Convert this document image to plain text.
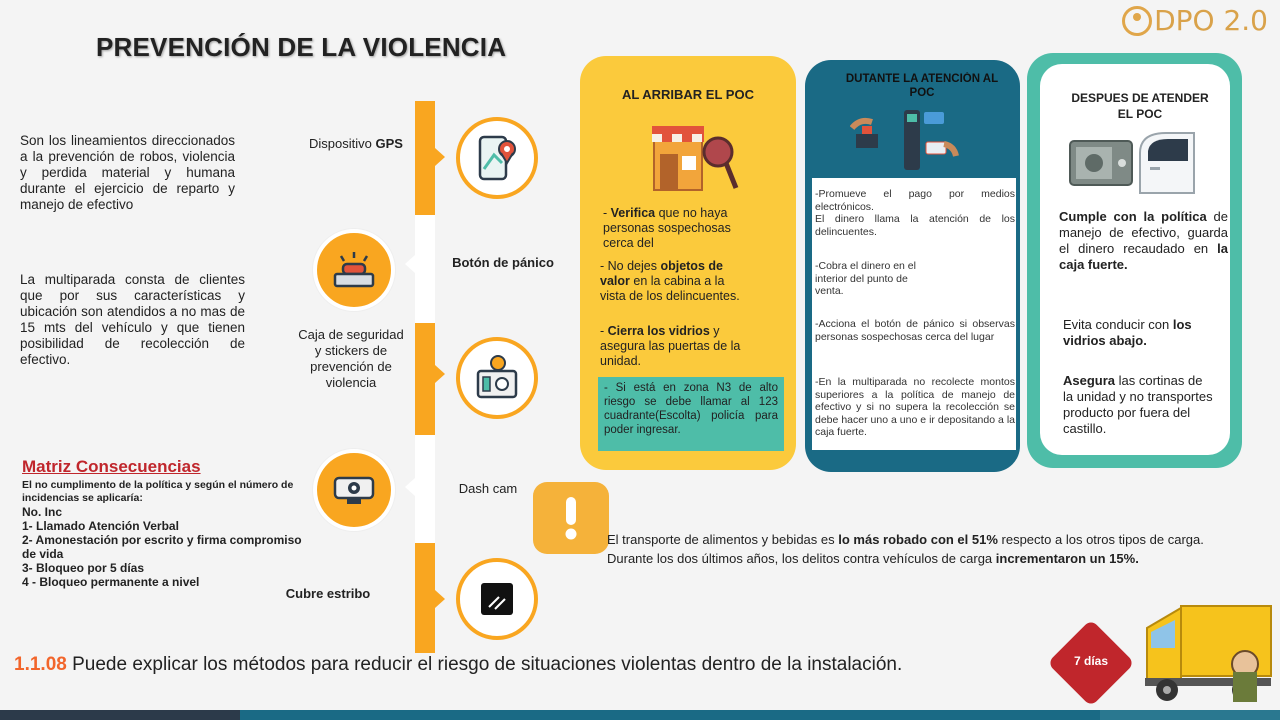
PREVENCIÓN DE LA VIOLENCIA
DPO 2.0
Son los lineamientos direccionados a la prevención de robos, violencia y perdida material y humana durante el ejercicio de reparto y manejo de efectivo
La multiparada consta de clientes que por sus características y ubicación son atendidos a no mas de 15 mts del vehículo y que tienen posibilidad de recolección de efectivo.
Matriz Consecuencias
El no cumplimento de la política y según el número de incidencias se aplicaría:
No. Inc
1- Llamado Atención Verbal
2- Amonestación por escrito y firma compromiso de vida
3- Bloqueo por 5 días
4 - Bloqueo permanente a nivel
Dispositivo GPS
Botón de pánico
Caja de seguridad y stickers de prevención de violencia
Dash cam
Cubre estribo
AL ARRIBAR EL POC
- Verifica que no haya personas sospechosas cerca del
- No dejes objetos de valor en la cabina a la vista de los delincuentes.
- Cierra los vidrios y asegura las puertas de la unidad.
- Si está en zona N3 de alto riesgo se debe llamar al 123 cuadrante(Escolta) policía para poder ingresar.
DUTANTE LA ATENCIÓN AL POC
-Promueve el pago por medios electrónicos.
El dinero llama la atención de los delincuentes.
-Cobra el dinero en el interior del punto de venta.
-Acciona el botón de pánico si observas personas sospechosas cerca del lugar
-En la multiparada no recolecte montos superiores a la política de manejo de efectivo y si no supera la recolección se debe hacer uno a uno e ir depositando a la caja fuerte.
DESPUES DE ATENDER EL POC
Cumple con la política de manejo de efectivo, guarda el dinero recaudado en la caja fuerte.
Evita conducir con los vidrios abajo.
Asegura las cortinas de la unidad y no transportes producto por fuera del castillo.
El transporte de alimentos y bebidas es lo más robado con el 51% respecto a los otros tipos de carga.
Durante los dos últimos años, los delitos contra vehículos de carga incrementaron un 15%.
1.1.08 Puede explicar los métodos para reducir el riesgo de situaciones violentas dentro de la instalación.	7 días
